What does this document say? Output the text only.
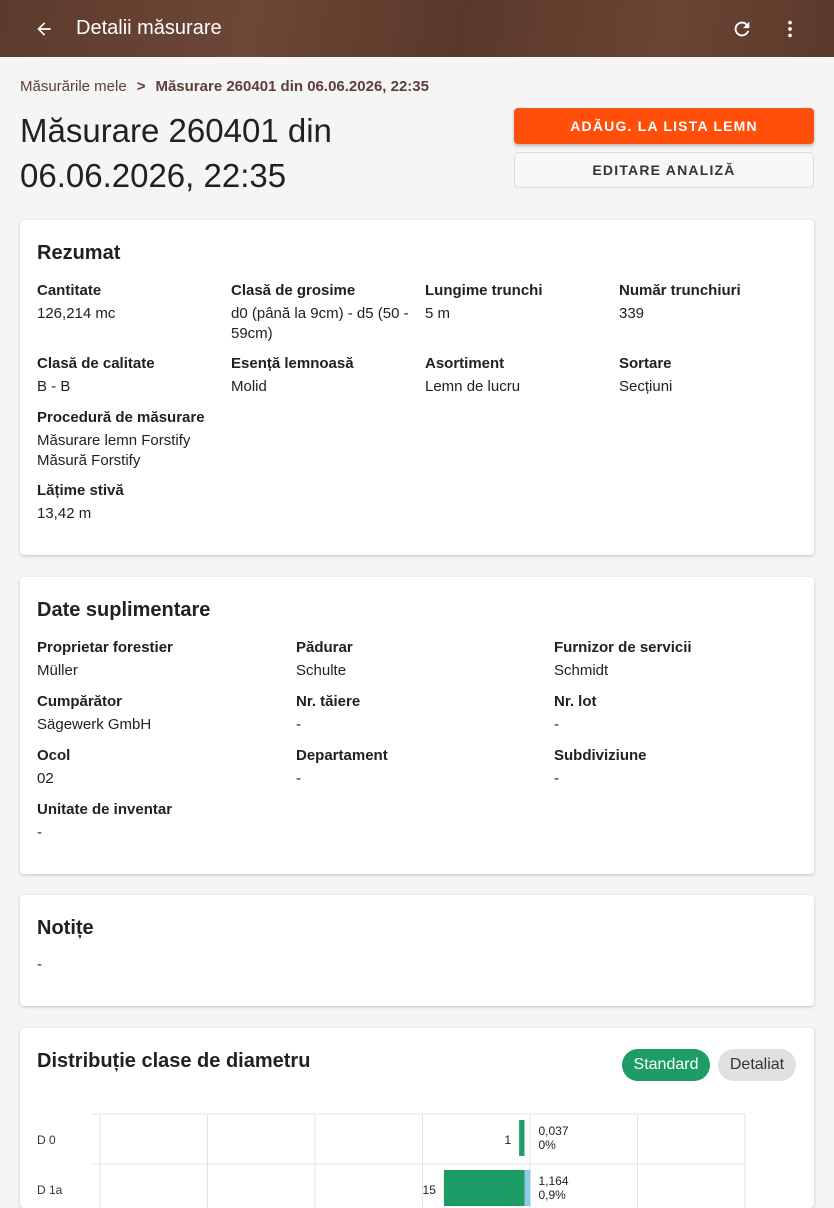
Detalii măsurare
Măsurările mele > Măsurare 260401 din 06.06.2026, 22:35
Măsurare 260401 din 06.06.2026, 22:35
ADĂUG. LA LISTA LEMN
EDITARE ANALIZĂ
Rezumat
Cantitate
126,214 mc
Clasă de grosime
d0 (până la 9cm) - d5 (50 - 59cm)
Lungime trunchi
5 m
Număr trunchiuri
339
Clasă de calitate
B - B
Esență lemnoasă
Molid
Asortiment
Lemn de lucru
Sortare
Secțiuni
Procedură de măsurare
Măsurare lemn Forstify Măsură Forstify
Lățime stivă
13,42 m
Date suplimentare
Proprietar forestier
Müller
Pădurar
Schulte
Furnizor de servicii
Schmidt
Cumpărător
Sägewerk GmbH
Nr. tăiere
-
Nr. lot
-
Ocol
02
Departament
-
Subdiviziune
-
Unitate de inventar
-
Notițe
-
Distribuție clase de diametru	Standard	Detaliat
D 0	1
0,037
0%
D 1a	15
1,164
0,9%
